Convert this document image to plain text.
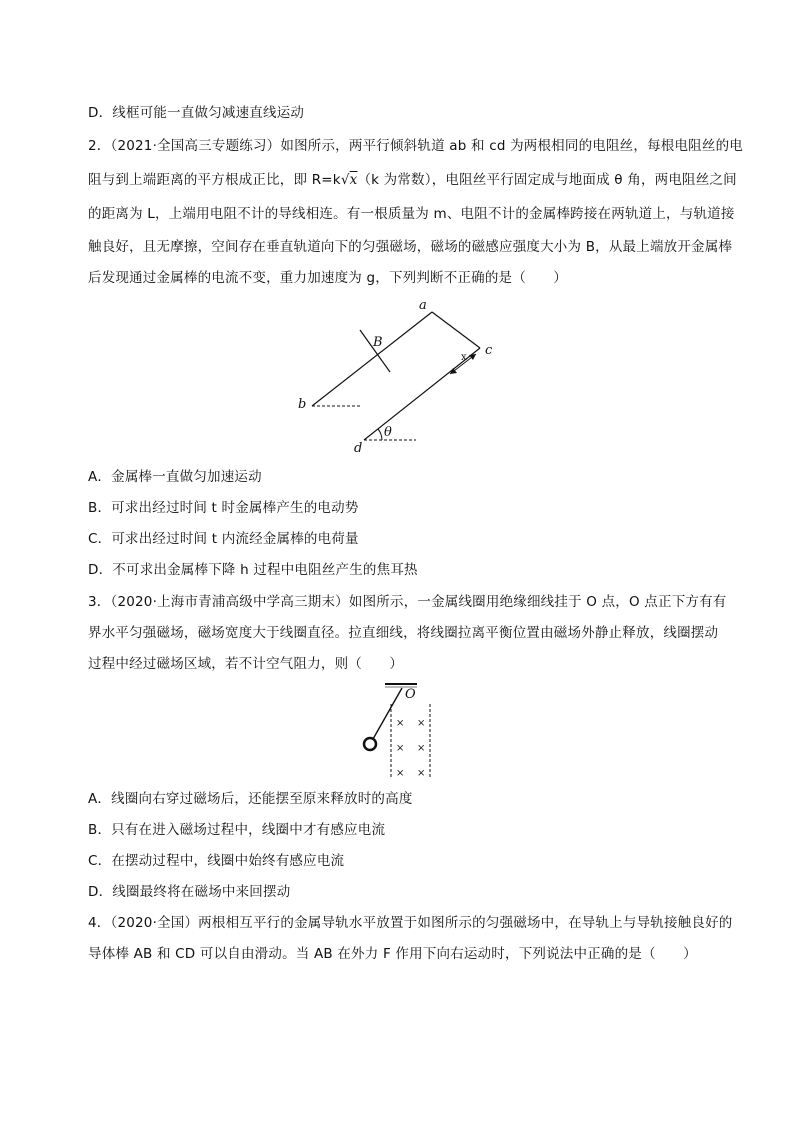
D．线框可能一直做匀减速直线运动
2．（2021·全国高三专题练习）如图所示，两平行倾斜轨道 ab 和 cd 为两根相同的电阻丝，每根电阻丝的电
阻与到上端距离的平方根成正比，即 R=k√x（k 为常数），电阻丝平行固定成与地面成 θ 角，两电阻丝之间
的距离为 L，上端用电阻不计的导线相连。有一根质量为 m、电阻不计的金属棒跨接在两轨道上，与轨道接
触良好，且无摩擦，空间存在垂直轨道向下的匀强磁场，磁场的磁感应强度大小为 B，从最上端放开金属棒
后发现通过金属棒的电流不变，重力加速度为 g，下列判断不正确的是（　　）
a
b
c
d
B
x
θ
A．金属棒一直做匀加速运动
B．可求出经过时间 t 时金属棒产生的电动势
C．可求出经过时间 t 内流经金属棒的电荷量
D．不可求出金属棒下降 h 过程中电阻丝产生的焦耳热
3．（2020·上海市青浦高级中学高三期末）如图所示，一金属线圈用绝缘细线挂于 O 点，O 点正下方有有
界水平匀强磁场，磁场宽度大于线圈直径。拉直细线，将线圈拉离平衡位置由磁场外静止释放，线圈摆动
过程中经过磁场区域，若不计空气阻力，则（　　）
× ×
× ×
× ×
O
A．线圈向右穿过磁场后，还能摆至原来释放时的高度
B．只有在进入磁场过程中，线圈中才有感应电流
C．在摆动过程中，线圈中始终有感应电流
D．线圈最终将在磁场中来回摆动
4．（2020·全国）两根相互平行的金属导轨水平放置于如图所示的匀强磁场中，在导轨上与导轨接触良好的
导体棒 AB 和 CD 可以自由滑动。当 AB 在外力 F 作用下向右运动时，下列说法中正确的是（　　）
